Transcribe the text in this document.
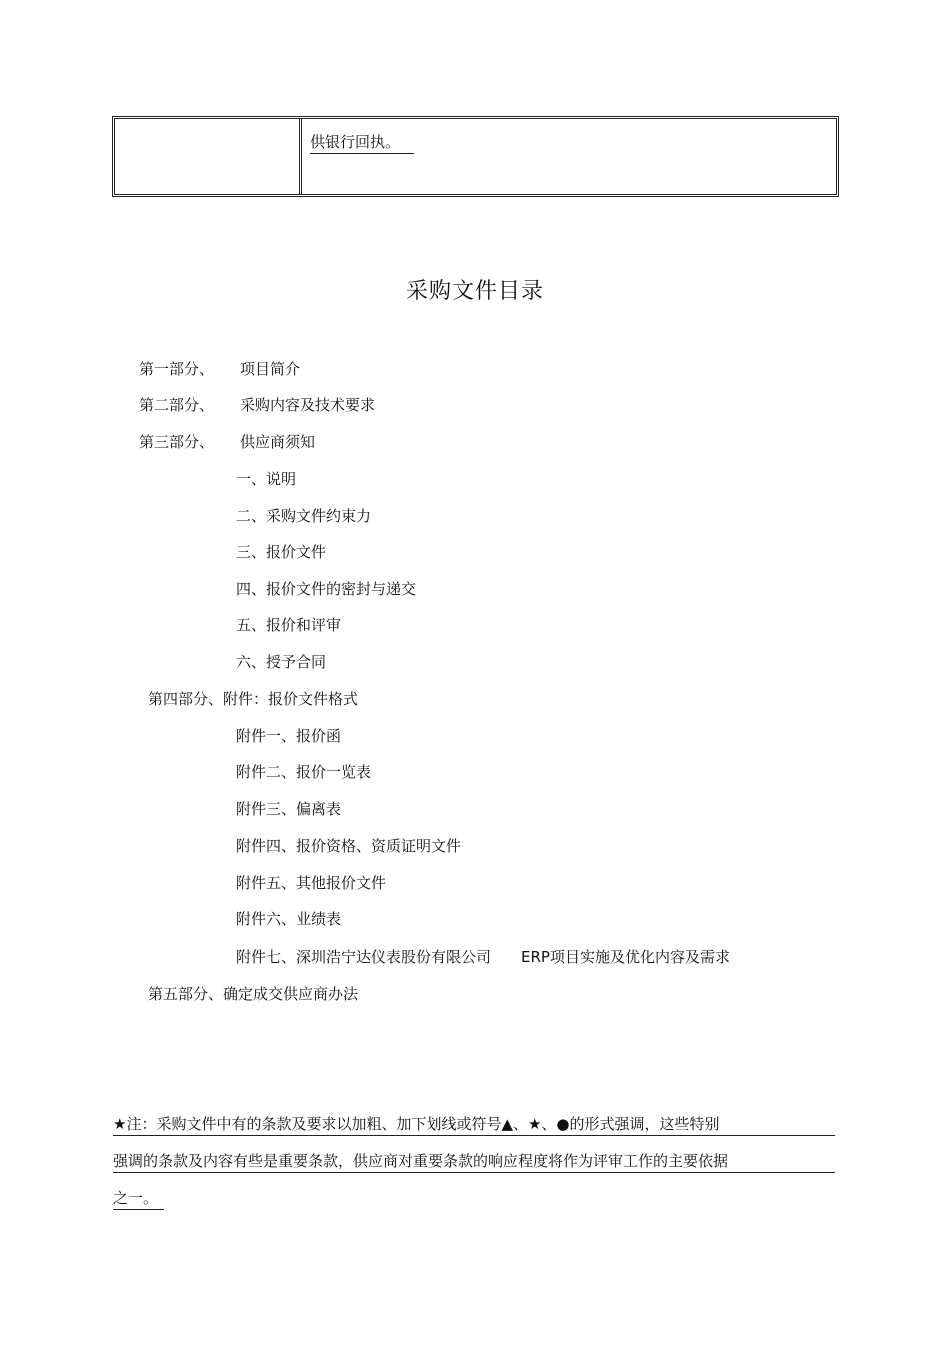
供银行回执。
采购文件目录
第一部分、 项目简介
第二部分、 采购内容及技术要求
第三部分、 供应商须知
一、说明
二、采购文件约束力
三、报价文件
四、报价文件的密封与递交
五、报价和评审
六、授予合同
第四部分、附件：报价文件格式
附件一、报价函
附件二、报价一览表
附件三、偏离表
附件四、报价资格、资质证明文件
附件五、其他报价文件
附件六、业绩表
附件七、深圳浩宁达仪表股份有限公司 ERP项目实施及优化内容及需求
第五部分、确定成交供应商办法
★注：采购文件中有的条款及要求以加粗、加下划线或符号▲、★、●的形式强调，这些特别
强调的条款及内容有些是重要条款，供应商对重要条款的响应程度将作为评审工作的主要依据
之一。
